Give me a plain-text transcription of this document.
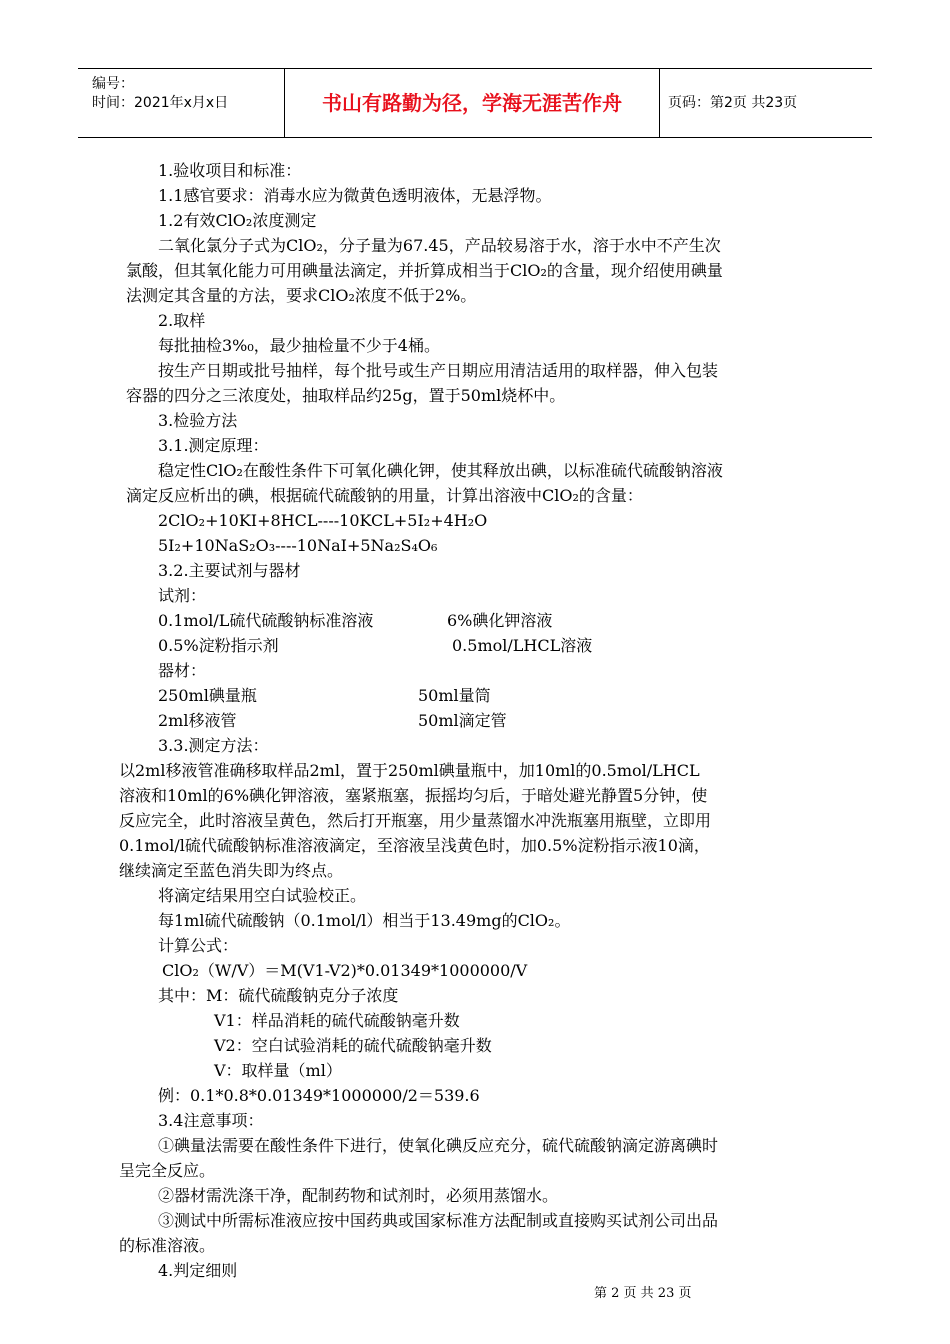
编号：
时间：2021年x月x日	书山有路勤为径，学海无涯苦作舟	页码：第2页 共23页
1.验收项目和标准：
1.1感官要求：消毒水应为微黄色透明液体，无悬浮物。
1.2有效ClO₂浓度测定
二氧化氯分子式为ClO₂，分子量为67.45，产品较易溶于水，溶于水中不产生次
氯酸，但其氧化能力可用碘量法滴定，并折算成相当于ClO₂的含量，现介绍使用碘量
法测定其含量的方法，要求ClO₂浓度不低于2%。
2.取样
每批抽检3%₀，最少抽检量不少于4桶。
按生产日期或批号抽样，每个批号或生产日期应用清洁适用的取样器，伸入包装
容器的四分之三浓度处，抽取样品约25g，置于50ml烧杯中。
3.检验方法
3.1.测定原理：
稳定性ClO₂在酸性条件下可氧化碘化钾，使其释放出碘，以标准硫代硫酸钠溶液
滴定反应析出的碘，根据硫代硫酸钠的用量，计算出溶液中ClO₂的含量：
2ClO₂+10KI+8HCL----10KCL+5I₂+4H₂O
5I₂+10NaS₂O₃----10NaI+5Na₂S₄O₆
3.2.主要试剂与器材
试剂：
0.1mol/L硫代硫酸钠标准溶液	6%碘化钾溶液
0.5%淀粉指示剂	0.5mol/LHCL溶液
器材：
250ml碘量瓶	50ml量筒
2ml移液管	50ml滴定管
3.3.测定方法：
以2ml移液管准确移取样品2ml，置于250ml碘量瓶中，加10ml的0.5mol/LHCL
溶液和10ml的6%碘化钾溶液，塞紧瓶塞，振摇均匀后，于暗处避光静置5分钟，使
反应完全，此时溶液呈黄色，然后打开瓶塞，用少量蒸馏水冲洗瓶塞用瓶壁，立即用
0.1mol/l硫代硫酸钠标准溶液滴定，至溶液呈浅黄色时，加0.5%淀粉指示液10滴，
继续滴定至蓝色消失即为终点。
将滴定结果用空白试验校正。
每1ml硫代硫酸钠（0.1mol/l）相当于13.49mg的ClO₂。
计算公式：
ClO₂（W/V）＝M(V1-V2)*0.01349*1000000/V
其中：M：硫代硫酸钠克分子浓度
V1：样品消耗的硫代硫酸钠毫升数
V2：空白试验消耗的硫代硫酸钠毫升数
V：取样量（ml）
例：0.1*0.8*0.01349*1000000/2＝539.6
3.4注意事项：
①碘量法需要在酸性条件下进行，使氧化碘反应充分，硫代硫酸钠滴定游离碘时
呈完全反应。
②器材需洗涤干净，配制药物和试剂时，必须用蒸馏水。
③测试中所需标准液应按中国药典或国家标准方法配制或直接购买试剂公司出品
的标准溶液。
4.判定细则
第 2 页 共 23 页
